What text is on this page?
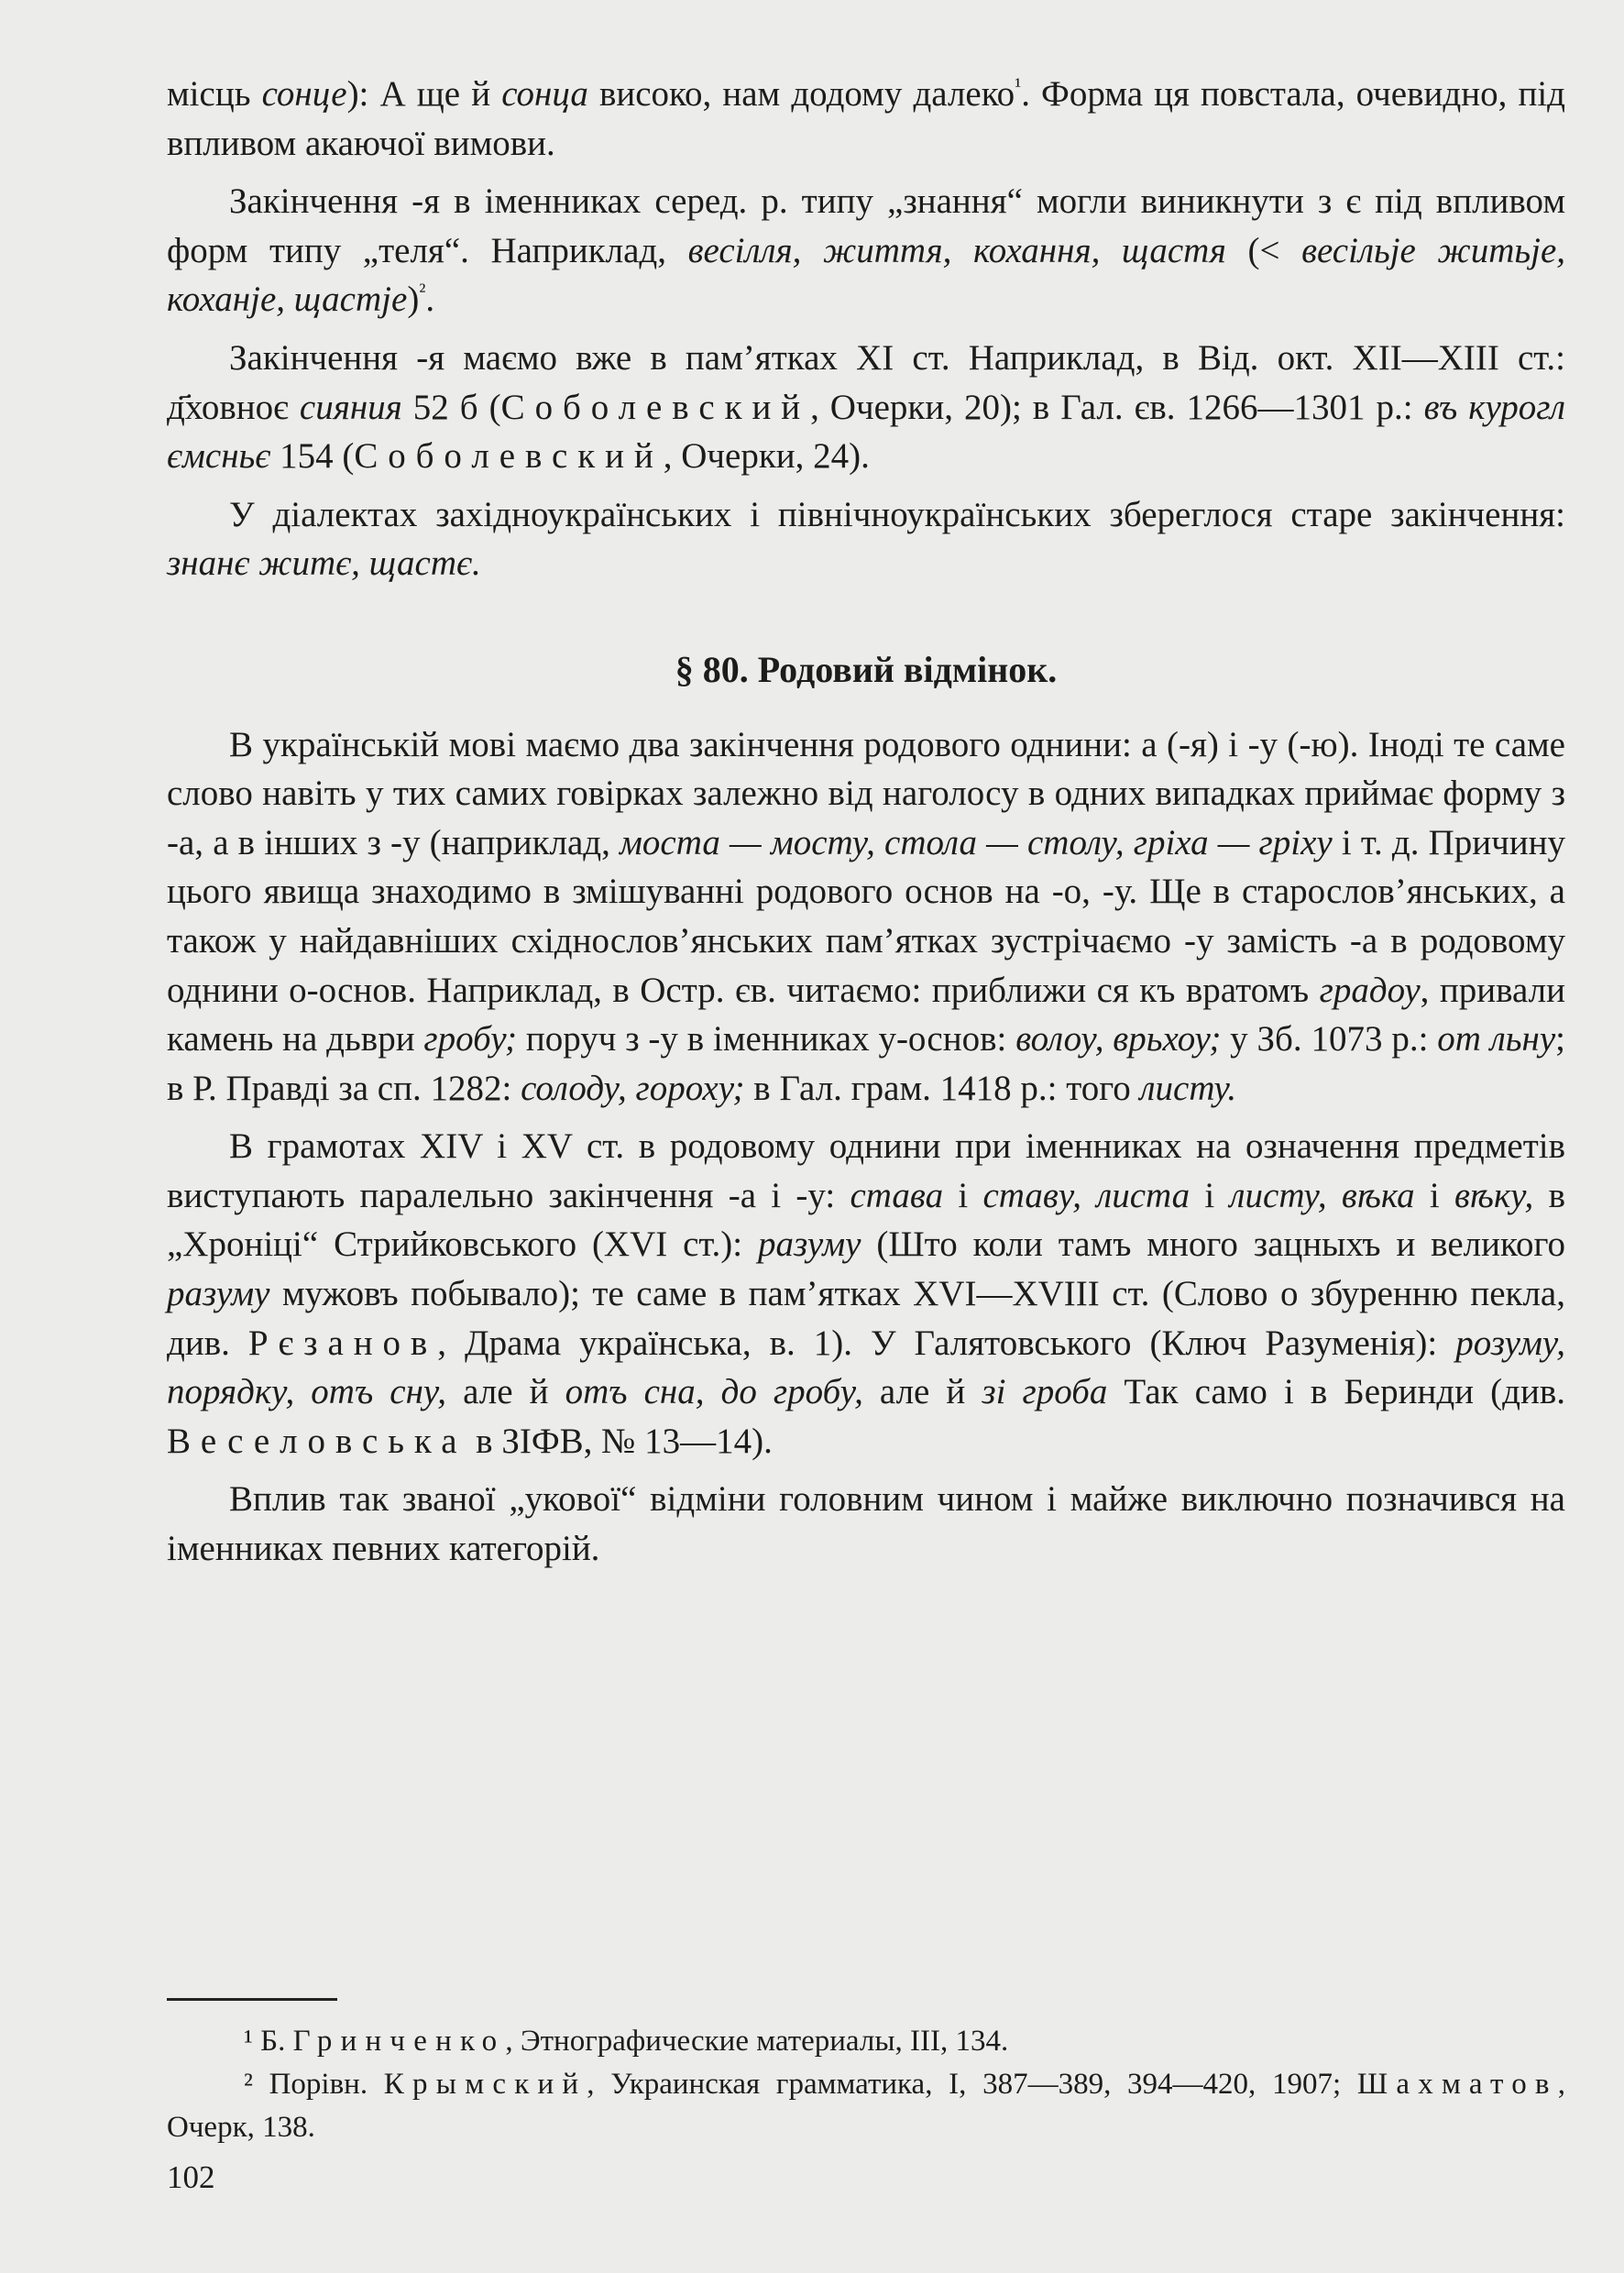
місць сонце): А ще й сонца високо, нам додому далеко$^{^1}$. Форма ця повстала, очевидно, під впливом акаючої вимови.

Закінчення -я в іменниках серед. р. типу „знання“ могли виникнути з є під впливом форм типу „теля“. Наприклад, весілля, життя, кохання, щастя (< весільје житьје, коханје, щастје)$^{^2}$.

Закінчення -я маємо вже в пам’ятках XI ст. Наприклад, в Від. окт. XII—XIII ст.: д҃ховноє сияния 52 б (Соболевский, Очерки, 20); в Гал. єв. 1266—1301 р.: въ курогл ємсньє 154 (Соболевский, Очерки, 24).

У діалектах західноукраїнських і північноукраїнських збереглося старе закінчення: знанє житє, щастє.

§ 80. Родовий відмінок.

В українській мові маємо два закінчення родового однини: а (-я) і -у (-ю). Іноді те саме слово навіть у тих самих говірках залежно від наголосу в одних випадках приймає форму з -а, а в інших з -у (наприклад, моста — мосту, стола — столу, гріха — гріху і т. д. Причину цього явища знаходимо в змішуванні родового основ на -о, -у. Ще в старослов’янських, а також у найдавніших східнослов’янських пам’ятках зустрічаємо -у замість -а в родовому однини о-основ. Наприклад, в Остр. єв. читаємо: приближи ся къ вратомъ градоу, привали камень на дьври гробу; поруч з -у в іменниках у-основ: волоу, врьхоу; у Зб. 1073 р.: от льну; в Р. Правді за сп. 1282: солоду, гороху; в Гал. грам. 1418 р.: того листу.

В грамотах XIV і XV ст. в родовому однини при іменниках на означення предметів виступають паралельно закінчення -а і -у: става і ставу, листа і листу, вѣка і вѣку, в „Хроніці“ Стрийковського (XVI ст.): разуму (Што коли тамъ много зацныхъ и великого разуму мужовъ побывало); те саме в пам’ятках XVI—XVIII ст. (Слово о збуренню пекла, див. Рєзанов, Драма українська, в. 1). У Галятовського (Ключ Разуменія): розуму, порядку, отъ сну, але й отъ сна, до гробу, але й зі гроба Так само і в Беринди (див. Веселовська в ЗІФВ, № 13—14).

Вплив так званої „укової“ відміни головним чином і майже виключно позначився на іменниках певних категорій.

¹ Б. Гринченко, Этнографические материалы, III, 134.

² Порівн. Крымский, Украинская грамматика, I, 387—389, 394—420, 1907; Шахматов, Очерк, 138.

102
